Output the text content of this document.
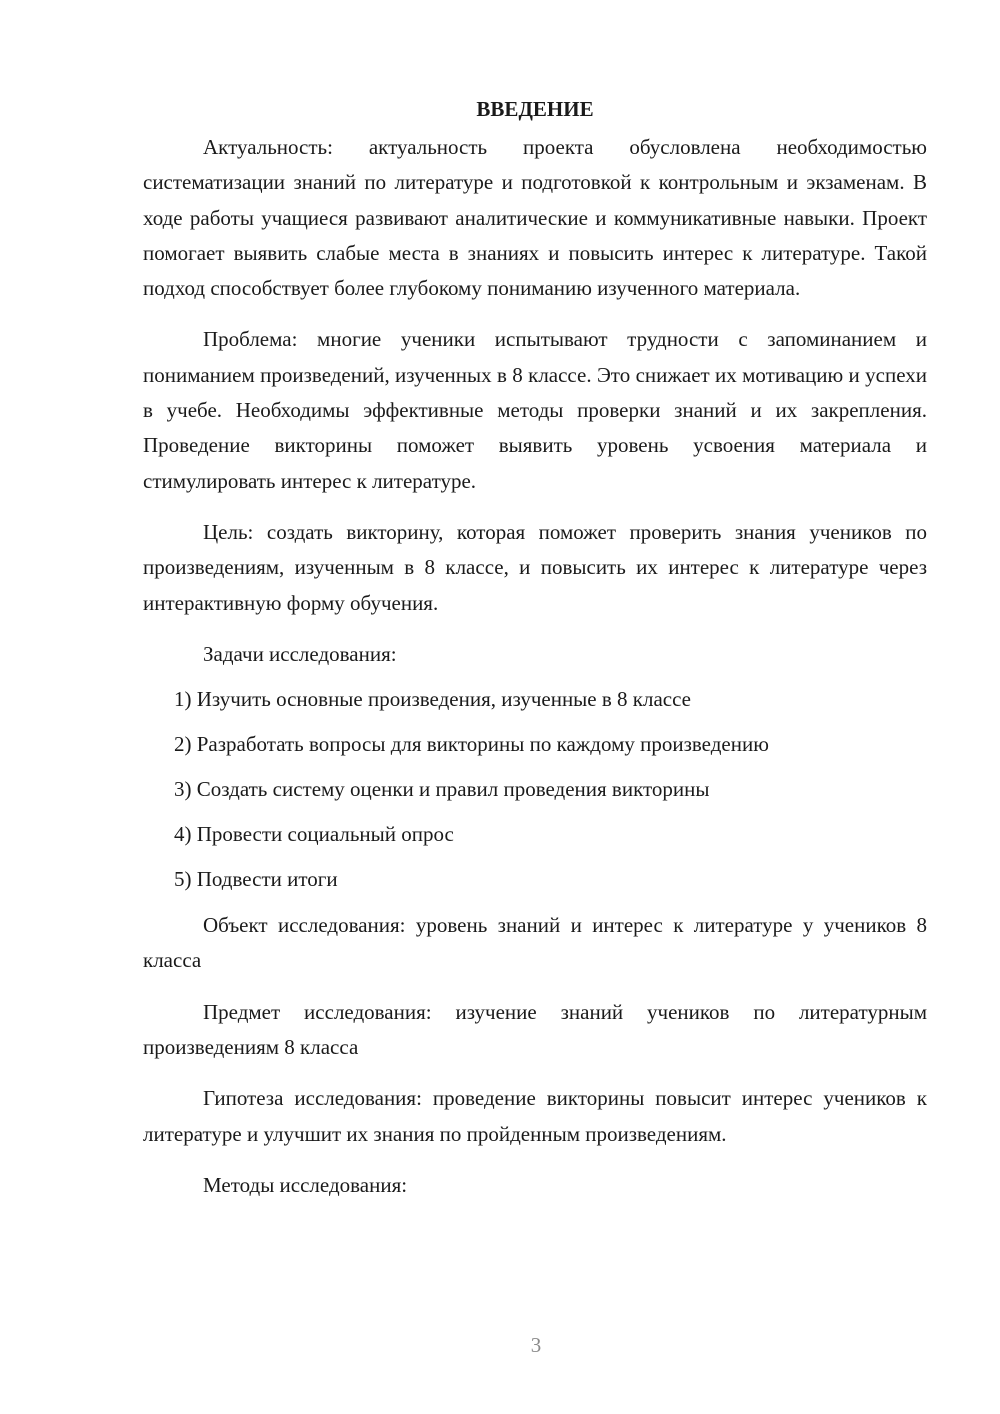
ВВЕДЕНИЕ

Актуальность: актуальность проекта обусловлена необходимостью систематизации знаний по литературе и подготовкой к контрольным и экзаменам. В ходе работы учащиеся развивают аналитические и коммуникативные навыки. Проект помогает выявить слабые места в знаниях и повысить интерес к литературе. Такой подход способствует более глубокому пониманию изученного материала.

Проблема: многие ученики испытывают трудности с запоминанием и пониманием произведений, изученных в 8 классе. Это снижает их мотивацию и успехи в учебе. Необходимы эффективные методы проверки знаний и их закрепления. Проведение викторины поможет выявить уровень усвоения материала и стимулировать интерес к литературе.

Цель: создать викторину, которая поможет проверить знания учеников по произведениям, изученным в 8 классе, и повысить их интерес к литературе через интерактивную форму обучения.

Задачи исследования:
1) Изучить основные произведения, изученные в 8 классе
2) Разработать вопросы для викторины по каждому произведению
3) Создать систему оценки и правил проведения викторины
4) Провести социальный опрос
5) Подвести итоги

Объект исследования: уровень знаний и интерес к литературе у учеников 8 класса

Предмет исследования: изучение знаний учеников по литературным произведениям 8 класса

Гипотеза исследования: проведение викторины повысит интерес учеников к литературе и улучшит их знания по пройденным произведениям.

Методы исследования:
3
